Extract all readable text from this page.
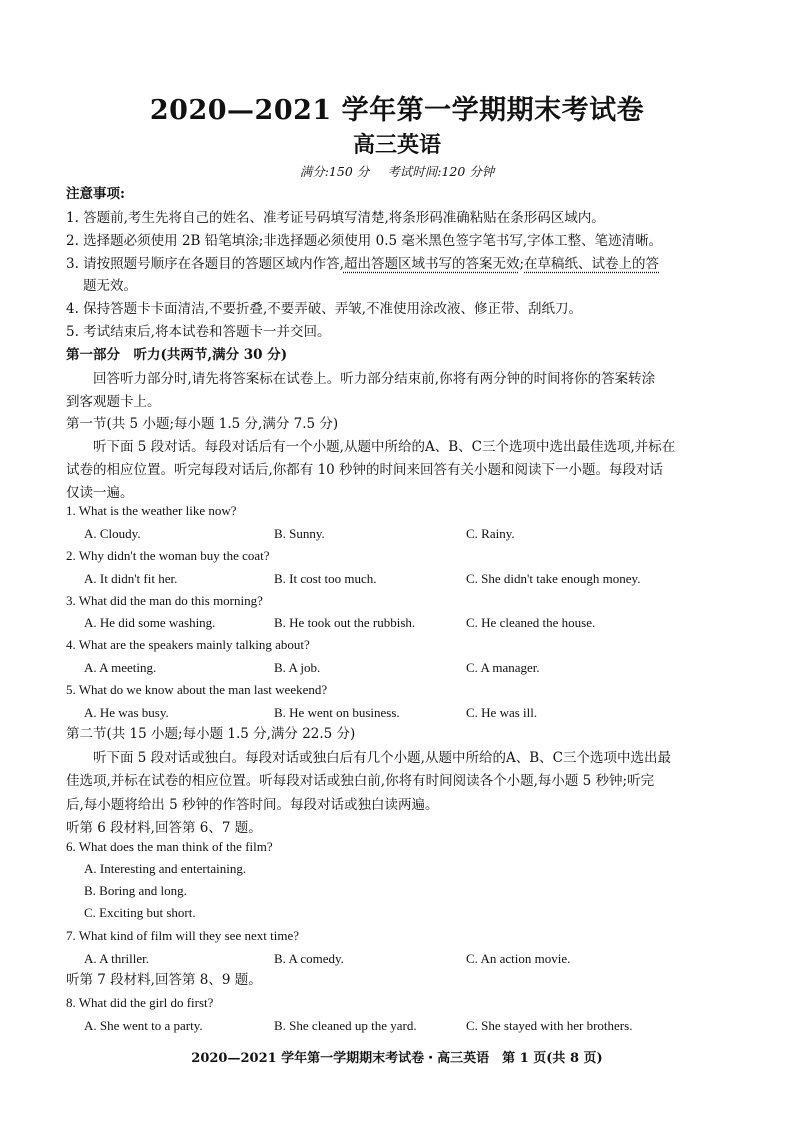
2020—2021 学年第一学期期末考试卷
高三英语
满分:150 分 考试时间:120 分钟
注意事项:
1. 答题前,考生先将自己的姓名、准考证号码填写清楚,将条形码准确粘贴在条形码区域内。
2. 选择题必须使用 2B 铅笔填涂;非选择题必须使用 0.5 毫米黑色签字笔书写,字体工整、笔迹清晰。
3. 请按照题号顺序在各题目的答题区域内作答,超出答题区域书写的答案无效;在草稿纸、试卷上的答
题无效。
4. 保持答题卡卡面清洁,不要折叠,不要弄破、弄皱,不准使用涂改液、修正带、刮纸刀。
5. 考试结束后,将本试卷和答题卡一并交回。
第一部分　听力(共两节,满分 30 分)
回答听力部分时,请先将答案标在试卷上。听力部分结束前,你将有两分钟的时间将你的答案转涂
到客观题卡上。
第一节(共 5 小题;每小题 1.5 分,满分 7.5 分)
听下面 5 段对话。每段对话后有一个小题,从题中所给的A、B、C三个选项中选出最佳选项,并标在
试卷的相应位置。听完每段对话后,你都有 10 秒钟的时间来回答有关小题和阅读下一小题。每段对话
仅读一遍。
1. What is the weather like now?
A. Cloudy.	B. Sunny.	C. Rainy.
2. Why didn't the woman buy the coat?
A. It didn't fit her.	B. It cost too much.	C. She didn't take enough money.
3. What did the man do this morning?
A. He did some washing.	B. He took out the rubbish.	C. He cleaned the house.
4. What are the speakers mainly talking about?
A. A meeting.	B. A job.	C. A manager.
5. What do we know about the man last weekend?
A. He was busy.	B. He went on business.	C. He was ill.
第二节(共 15 小题;每小题 1.5 分,满分 22.5 分)
听下面 5 段对话或独白。每段对话或独白后有几个小题,从题中所给的A、B、C三个选项中选出最
佳选项,并标在试卷的相应位置。听每段对话或独白前,你将有时间阅读各个小题,每小题 5 秒钟;听完
后,每小题将给出 5 秒钟的作答时间。每段对话或独白读两遍。
听第 6 段材料,回答第 6、7 题。
6. What does the man think of the film?
A. Interesting and entertaining.
B. Boring and long.
C. Exciting but short.
7. What kind of film will they see next time?
A. A thriller.	B. A comedy.	C. An action movie.
听第 7 段材料,回答第 8、9 题。
8. What did the girl do first?
A. She went to a party.	B. She cleaned up the yard.	C. She stayed with her brothers.
2020—2021 学年第一学期期末考试卷・高三英语　第 1 页(共 8 页)
